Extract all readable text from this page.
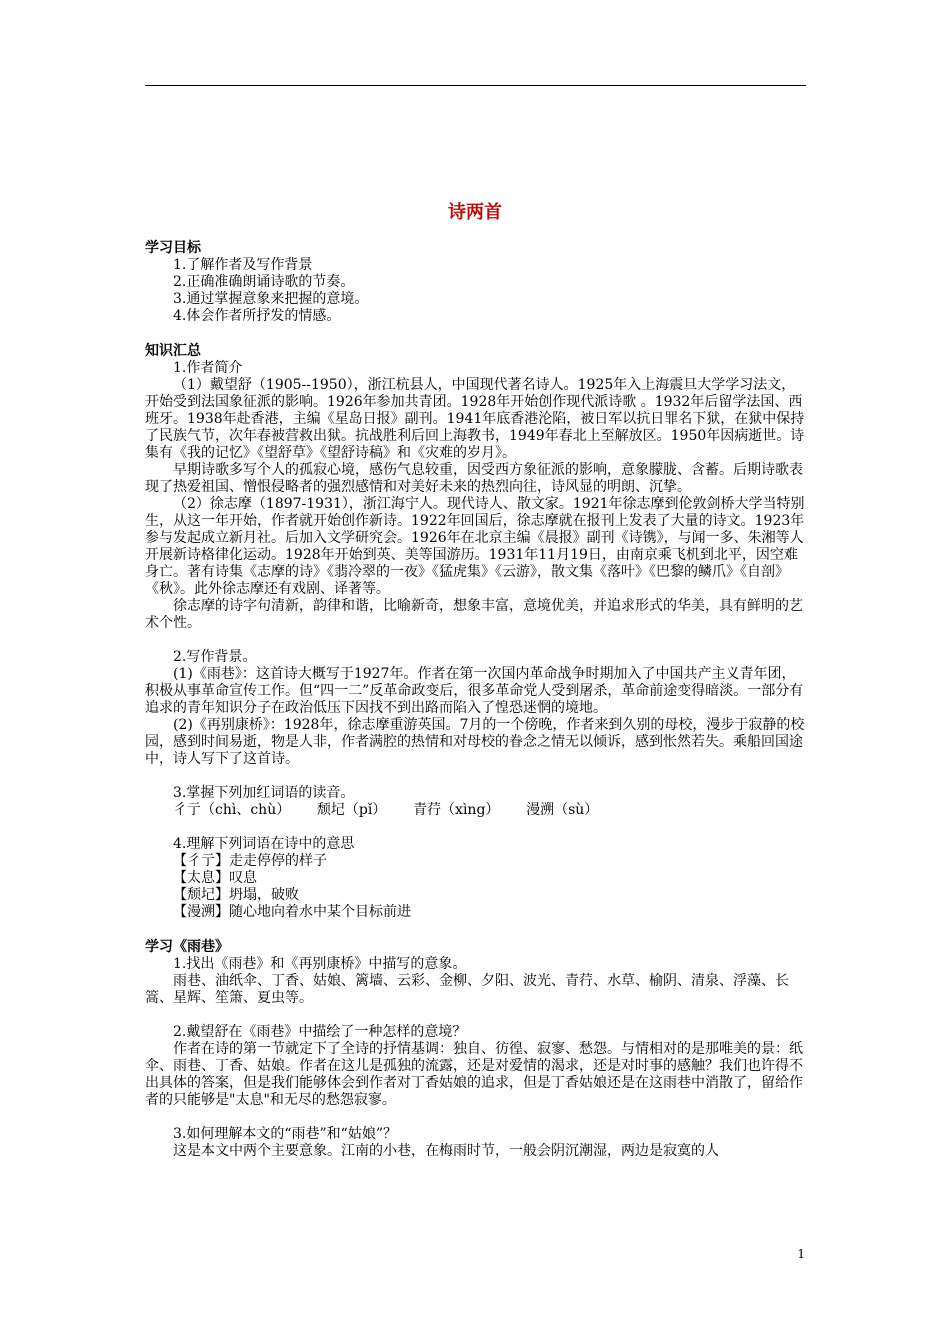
诗两首

学习目标

1.了解作者及写作背景

2.正确准确朗诵诗歌的节奏。

3.通过掌握意象来把握的意境。

4.体会作者所抒发的情感。

知识汇总

1.作者简介

（1）戴望舒（1905--1950），浙江杭县人，中国现代著名诗人。1925年入上海震旦大学学习法文，开始受到法国象征派的影响。1926年参加共青团。1928年开始创作现代派诗歌 。1932年后留学法国、西班牙。1938年赴香港，主编《星岛日报》副刊。1941年底香港沦陷，被日军以抗日罪名下狱，在狱中保持了民族气节，次年春被营救出狱。抗战胜利后回上海教书，1949年春北上至解放区。1950年因病逝世。诗集有《我的记忆》《望舒草》《望舒诗稿》和《灾难的岁月》。

早期诗歌多写个人的孤寂心境，感伤气息较重，因受西方象征派的影响，意象朦胧、含蓄。后期诗歌表现了热爱祖国、憎恨侵略者的强烈感情和对美好未来的热烈向往，诗风显的明朗、沉挚。

（2）徐志摩（1897-1931），浙江海宁人。现代诗人、散文家。1921年徐志摩到伦敦剑桥大学当特别生，从这一年开始，作者就开始创作新诗。1922年回国后，徐志摩就在报刊上发表了大量的诗文。1923年参与发起成立新月社。后加入文学研究会。1926年在北京主编《晨报》副刊《诗镌》，与闻一多、朱湘等人开展新诗格律化运动。1928年开始到英、美等国游历。1931年11月19日，由南京乘飞机到北平，因空难身亡。著有诗集《志摩的诗》《翡冷翠的一夜》《猛虎集》《云游》，散文集《落叶》《巴黎的鳞爪》《自剖》《秋》。此外徐志摩还有戏剧、译著等。

徐志摩的诗字句清新，韵律和谐，比喻新奇，想象丰富，意境优美，并追求形式的华美，具有鲜明的艺术个性。

2.写作背景。

(1)《雨巷》：这首诗大概写于1927年。作者在第一次国内革命战争时期加入了中国共产主义青年团，积极从事革命宣传工作。但“四一二”反革命政变后，很多革命党人受到屠杀，革命前途变得暗淡。一部分有追求的青年知识分子在政治低压下因找不到出路而陷入了惶恐迷惘的境地。

(2)《再别康桥》：1928年，徐志摩重游英国。7月的一个傍晚，作者来到久别的母校，漫步于寂静的校园，感到时间易逝，物是人非，作者满腔的热情和对母校的眷念之情无以倾诉，感到怅然若失。乘船回国途中，诗人写下了这首诗。

3.掌握下列加红词语的读音。

彳亍（chì、chù）      颓圮（pǐ）      青荇（xìng）      漫溯（sù）

4.理解下列词语在诗中的意思

【彳亍】走走停停的样子

【太息】叹息

【颓圮】坍塌，破败

【漫溯】随心地向着水中某个目标前进

学习《雨巷》

1.找出《雨巷》和《再别康桥》中描写的意象。

雨巷、油纸伞、丁香、姑娘、篱墙、云彩、金柳、夕阳、波光、青荇、水草、榆阴、清泉、浮藻、长篙、星辉、笙箫、夏虫等。

2.戴望舒在《雨巷》中描绘了一种怎样的意境？

作者在诗的第一节就定下了全诗的抒情基调：独自、彷徨、寂寥、愁怨。与情相对的是那唯美的景：纸伞、雨巷、丁香、姑娘。作者在这儿是孤独的流露，还是对爱情的渴求，还是对时事的感触？我们也许得不出具体的答案，但是我们能够体会到作者对丁香姑娘的追求，但是丁香姑娘还是在这雨巷中消散了，留给作者的只能够是"太息"和无尽的愁怨寂寥。

3.如何理解本文的“雨巷”和“姑娘”？

这是本文中两个主要意象。江南的小巷，在梅雨时节，一般会阴沉潮湿，两边是寂寞的人

1
